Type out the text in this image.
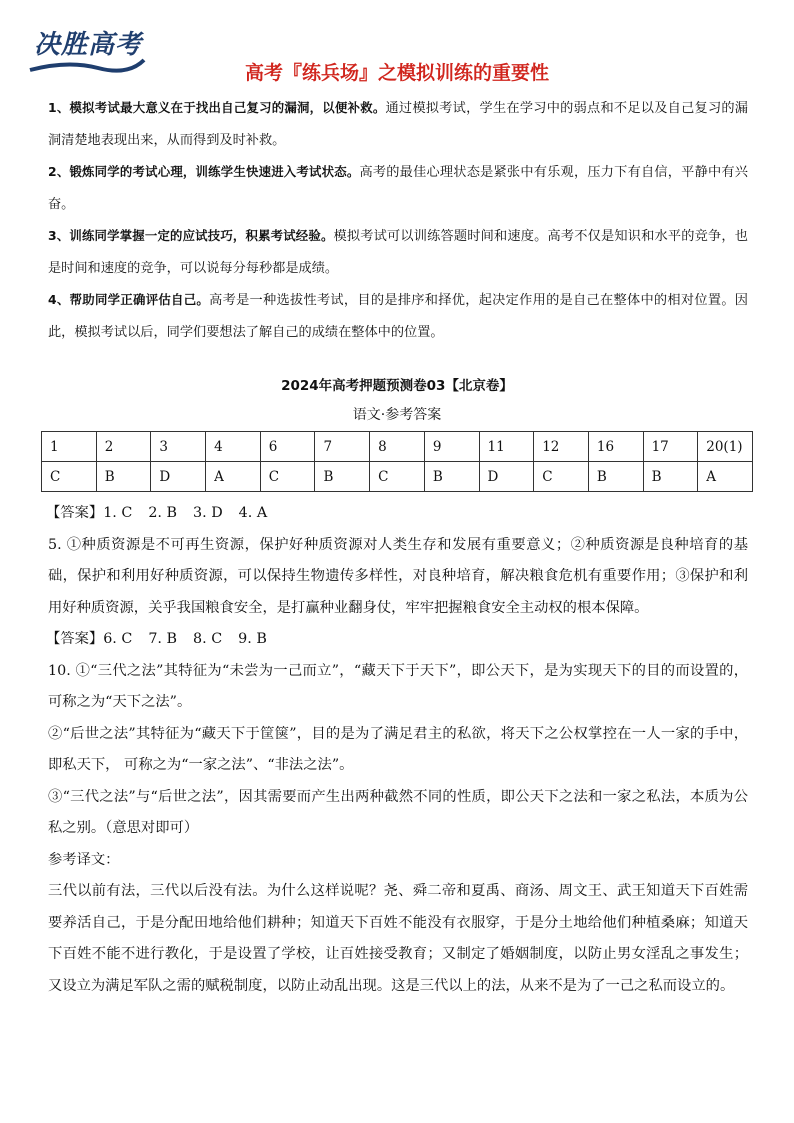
决胜高考
高考『练兵场』之模拟训练的重要性

1、模拟考试最大意义在于找出自己复习的漏洞，以便补救。通过模拟考试，学生在学习中的弱点和不足以及自己复习的漏洞清楚地表现出来，从而得到及时补救。

2、锻炼同学的考试心理，训练学生快速进入考试状态。高考的最佳心理状态是紧张中有乐观，压力下有自信，平静中有兴奋。

3、训练同学掌握一定的应试技巧，积累考试经验。模拟考试可以训练答题时间和速度。高考不仅是知识和水平的竞争，也是时间和速度的竞争，可以说每分每秒都是成绩。

4、帮助同学正确评估自己。高考是一种选拔性考试，目的是排序和择优，起决定作用的是自己在整体中的相对位置。因此，模拟考试以后，同学们要想法了解自己的成绩在整体中的位置。

2024年高考押题预测卷03【北京卷】
语文·参考答案
1	2	3	4	6	7	8	9	11	12	16	17	20(1)
C	B	D	A	C	B	C	B	D	C	B	B	A

【答案】1. C 2. B 3. D 4. A

5. ①种质资源是不可再生资源，保护好种质资源对人类生存和发展有重要意义；②种质资源是良种培育的基础，保护和利用好种质资源，可以保持生物遗传多样性，对良种培育，解决粮食危机有重要作用；③保护和利用好种质资源，关乎我国粮食安全，是打赢种业翻身仗，牢牢把握粮食安全主动权的根本保障。

【答案】6. C 7. B 8. C 9. B

10. ①“三代之法”其特征为“未尝为一己而立”，“藏天下于天下”，即公天下，是为实现天下的目的而设置的，可称之为“天下之法”。

②“后世之法”其特征为“藏天下于筐箧”，目的是为了满足君主的私欲，将天下之公权掌控在一人一家的手中，即私天下， 可称之为“一家之法”、“非法之法”。

③“三代之法”与“后世之法”，因其需要而产生出两种截然不同的性质，即公天下之法和一家之私法，本质为公私之别。（意思对即可）

参考译文：

三代以前有法，三代以后没有法。为什么这样说呢？尧、舜二帝和夏禹、商汤、周文王、武王知道天下百姓需要养活自己，于是分配田地给他们耕种；知道天下百姓不能没有衣服穿，于是分土地给他们种植桑麻；知道天下百姓不能不进行教化，于是设置了学校，让百姓接受教育；又制定了婚姻制度，以防止男女淫乱之事发生；又设立为满足军队之需的赋税制度，以防止动乱出现。这是三代以上的法，从来不是为了一己之私而设立的。
